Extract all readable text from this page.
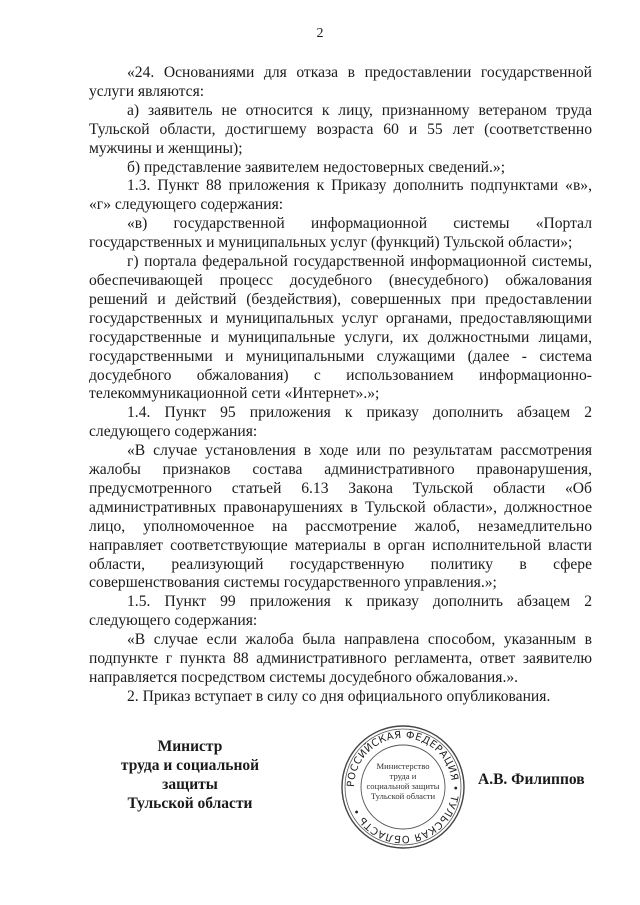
2

«24. Основаниями для отказа в предоставлении государственной услуги являются:

а) заявитель не относится к лицу, признанному ветераном труда Тульской области, достигшему возраста 60 и 55 лет (соответственно мужчины и женщины);

б) представление заявителем недостоверных сведений.»;

1.3. Пункт 88 приложения к Приказу дополнить подпунктами «в», «г» следующего содержания:

«в) государственной информационной системы «Портал государственных и муниципальных услуг (функций) Тульской области»;

г) портала федеральной государственной информационной системы, обеспечивающей процесс досудебного (внесудебного) обжалования решений и действий (бездействия), совершенных при предоставлении государственных и муниципальных услуг органами, предоставляющими государственные и муниципальные услуги, их должностными лицами, государственными и муниципальными служащими (далее - система досудебного обжалования) с использованием информационно-телекоммуникационной сети «Интернет».»;

1.4. Пункт 95 приложения к приказу дополнить абзацем 2 следующего содержания:

«В случае установления в ходе или по результатам рассмотрения жалобы признаков состава административного правонарушения, предусмотренного статьей 6.13 Закона Тульской области «Об административных правонарушениях в Тульской области», должностное лицо, уполномоченное на рассмотрение жалоб, незамедлительно направляет соответствующие материалы в орган исполнительной власти области, реализующий государственную политику в сфере совершенствования системы государственного управления.»;

1.5. Пункт 99 приложения к приказу дополнить абзацем 2 следующего содержания:

«В случае если жалоба была направлена способом, указанным в подпункте г пункта 88 административного регламента, ответ заявителю направляется посредством системы досудебного обжалования.».

2. Приказ вступает в силу со дня официального опубликования.

Министр
труда и социальной защиты
Тульской области
РОССИЙСКАЯ ФЕДЕРАЦИЯ • ТУЛЬСКАЯ ОБЛАСТЬ •
Министерство
труда и
социальной защиты
Тульской области
А.В. Филиппов
